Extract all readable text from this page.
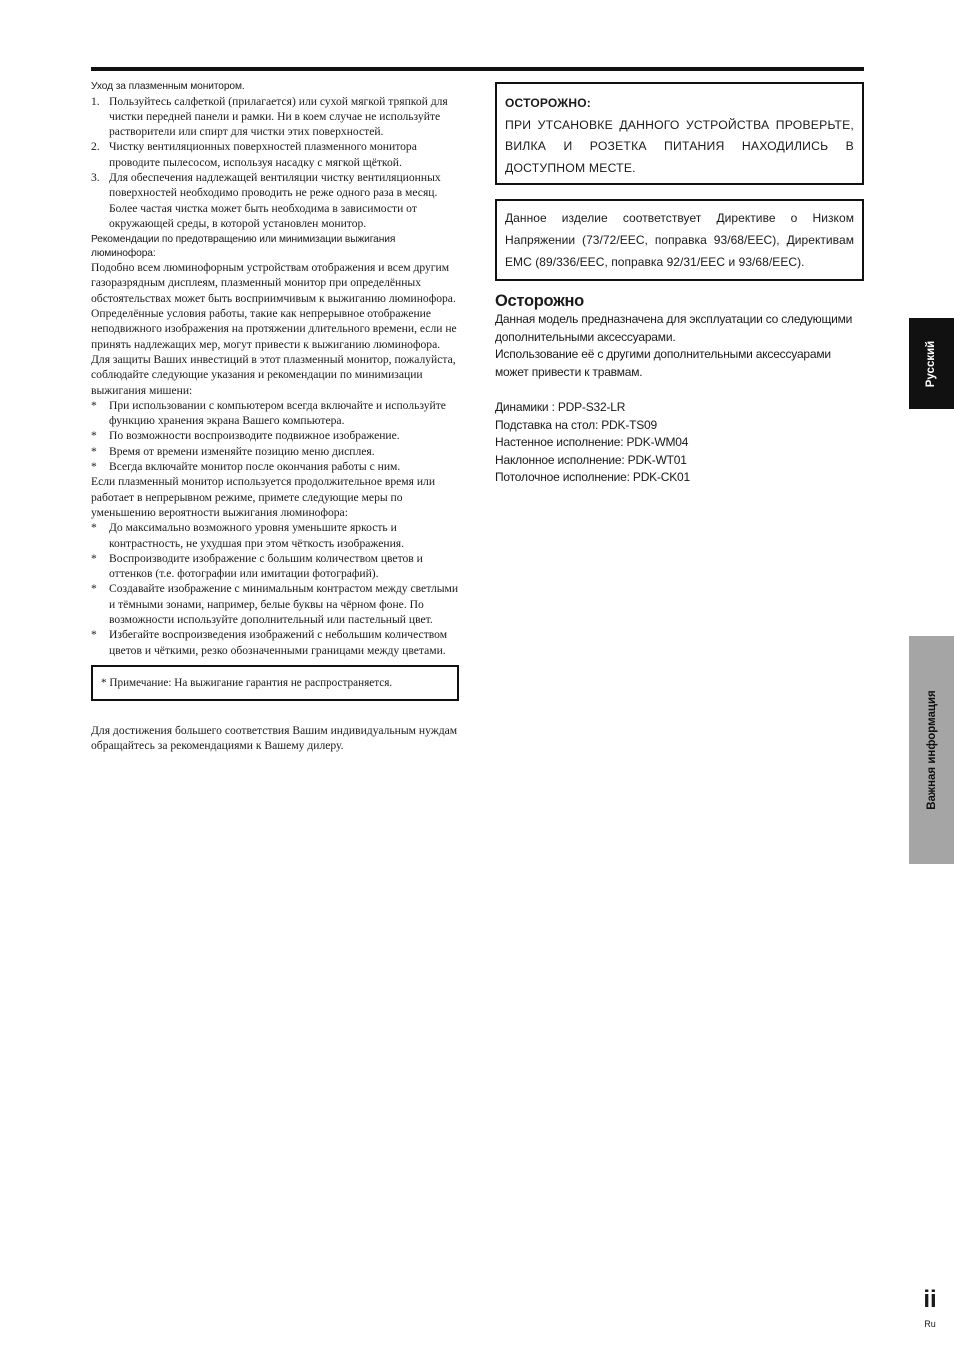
Уход за плазменным монитором.
1. Пользуйтесь салфеткой (прилагается) или сухой мягкой тряпкой для чистки передней панели и рамки. Ни в коем случае не используйте растворители или спирт для чистки этих поверхностей.
2. Чистку вентиляционных поверхностей плазменного монитора проводите пылесосом, используя насадку с мягкой щёткой.
3. Для обеспечения надлежащей вентиляции чистку вентиляционных поверхностей необходимо проводить не реже одного раза в месяц. Более частая чистка может быть необходима в зависимости от окружающей среды, в которой установлен монитор.
Рекомендации по предотвращению или минимизации выжигания люминофора:

Подобно всем люминофорным устройствам отображения и всем другим газоразрядным дисплеям, плазменный монитор при определённых обстоятельствах может быть восприимчивым к выжиганию люминофора. Определённые условия работы, такие как непрерывное отображение неподвижного изображения на протяжении длительного времени, если не принять надлежащих мер, могут привести к выжиганию люминофора. Для защиты Ваших инвестиций в этот плазменный монитор, пожалуйста, соблюдайте следующие указания и рекомендации по минимизации выжигания мишени:

* При использовании с компьютером всегда включайте и используйте функцию хранения экрана Вашего компьютера.
* По возможности воспроизводите подвижное изображение.
* Время от времени изменяйте позицию меню дисплея.
* Всегда включайте монитор после окончания работы с ним.

Если плазменный монитор используется продолжительное время или работает в непрерывном режиме, примете следующие меры по уменьшению вероятности выжигания люминофора:

* До максимально возможного уровня уменьшите яркость и контрастность, не ухудшая при этом чёткость изображения.
* Воспроизводите изображение с большим количеством цветов и оттенков (т.е. фотографии или имитации фотографий).
* Создавайте изображение с минимальным контрастом между светлыми и тёмными зонами, например, белые буквы на чёрном фоне. По возможности используйте дополнительный или пастельный цвет.
* Избегайте воспроизведения изображений с небольшим количеством цветов и чёткими, резко обозначенными границами между цветами.
* Примечание: На выжигание гарантия не распространяется.

Для достижения большего соответствия Вашим индивидуальным нуждам обращайтесь за рекомендациями к Вашему дилеру.

ОСТОРОЖНО:
ПРИ УТСАНОВКЕ ДАННОГО УСТРОЙСТВА ПРОВЕРЬТЕ, ВИЛКА И РОЗЕТКА ПИТАНИЯ НАХОДИЛИСЬ В ДОСТУПНОМ МЕСТЕ.
Данное изделие соответствует Директиве о Низком Напряжении (73/72/EEC, поправка 93/68/EEC), Директивам EMC (89/336/EEC, поправка 92/31/EEC и 93/68/EEC).
Осторожно
Данная модель предназначена для эксплуатации со следующими дополнительными аксессуарами.
Использование её с другими дополнительными аксессуарами может привести к травмам.
Динамики : PDP-S32-LR
Подставка на стол: PDK-TS09
Настенное исполнение: PDK-WM04
Наклонное исполнение: PDK-WT01
Потолочное исполнение: PDK-CK01
Русский
Важная информация
ii
Ru
